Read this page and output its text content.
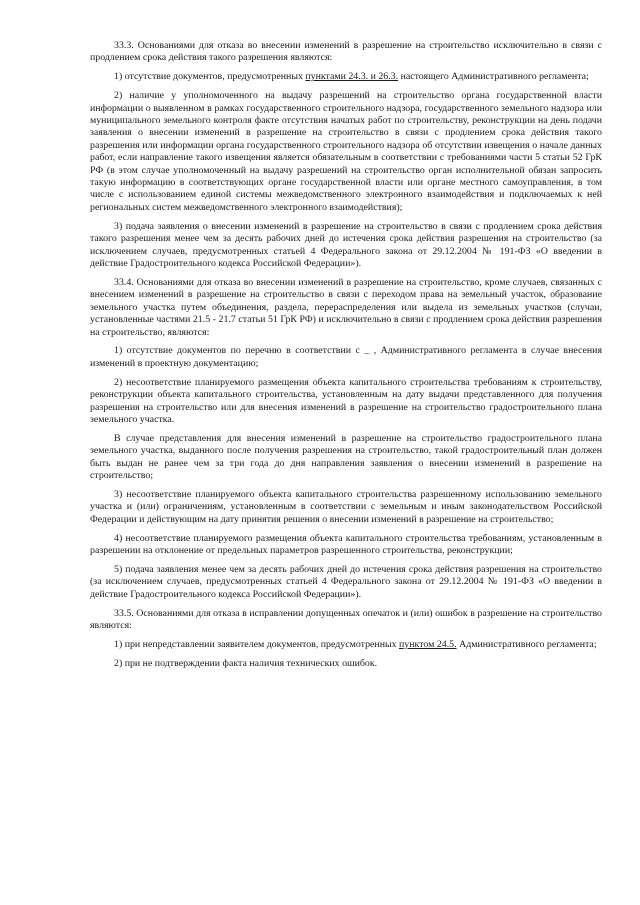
33.3. Основаниями для отказа во внесении изменений в разрешение на строительство исключительно в связи с продлением срока действия такого разрешения являются:

1) отсутствие документов, предусмотренных пунктами 24.3. и 26.3. настоящего Административного регламента;

2) наличие у уполномоченного на выдачу разрешений на строительство органа государственной власти информации о выявленном в рамках государственного строительного надзора, государственного земельного надзора или муниципального земельного контроля факте отсутствия начатых работ по строительству, реконструкции на день подачи заявления о внесении изменений в разрешение на строительство в связи с продлением срока действия такого разрешения или информации органа государственного строительного надзора об отсутствии извещения о начале данных работ, если направление такого извещения является обязательным в соответствии с требованиями части 5 статьи 52 ГрК РФ (в этом случае уполномоченный на выдачу разрешений на строительство орган исполнительной обязан запросить такую информацию в соответствующих органе государственной власти или органе местного самоуправления, в том числе с использованием единой системы межведомственного электронного взаимодействия и подключаемых к ней региональных систем межведомственного электронного взаимодействия);

3) подача заявления о внесении изменений в разрешение на строительство в связи с продлением срока действия такого разрешения менее чем за десять рабочих дней до истечения срока действия разрешения на строительство (за исключением случаев, предусмотренных статьей 4 Федерального закона от 29.12.2004 № 191-ФЗ «О введении в действие Градостроительного кодекса Российской Федерации»).

33.4. Основаниями для отказа во внесении изменений в разрешение на строительство, кроме случаев, связанных с внесением изменений в разрешение на строительство в связи с переходом права на земельный участок, образование земельного участка путем объединения, раздела, перераспределения или выдела из земельных участков (случаи, установленные частями 21.5 - 21.7 статьи 51 ГрК РФ) и исключительно в связи с продлением срока действия разрешения на строительство, являются:

1) отсутствие документов по перечню в соответствии с _ , Административного регламента в случае внесения изменений в проектную документацию;

2) несоответствие планируемого размещения объекта капитального строительства требованиям к строительству, реконструкции объекта капитального строительства, установленным на дату выдачи представленного для получения разрешения на строительство или для внесения изменений в разрешение на строительство градостроительного плана земельного участка.

В случае представления для внесения изменений в разрешение на строительство градостроительного плана земельного участка, выданного после получения разрешения на строительство, такой градостроительный план должен быть выдан не ранее чем за три года до дня направления заявления о внесении изменений в разрешение на строительство;

3) несоответствие планируемого объекта капитального строительства разрешенному использованию земельного участка и (или) ограничениям, установленным в соответствии с земельным и иным законодательством Российской Федерации и действующим на дату принятия решения о внесении изменений в разрешение на строительство;

4) несоответствие планируемого размещения объекта капитального строительства требованиям, установленным в разрешении на отклонение от предельных параметров разрешенного строительства, реконструкции;

5) подача заявления менее чем за десять рабочих дней до истечения срока действия разрешения на строительство (за исключением случаев, предусмотренных статьей 4 Федерального закона от 29.12.2004 № 191-ФЗ «О введении в действие Градостроительного кодекса Российской Федерации»).

33.5. Основаниями для отказа в исправлении допущенных опечаток и (или) ошибок в разрешение на строительство являются:

1) при непредставлении заявителем документов, предусмотренных пунктом 24.5. Административного регламента;

2) при не подтверждении факта наличия технических ошибок.
